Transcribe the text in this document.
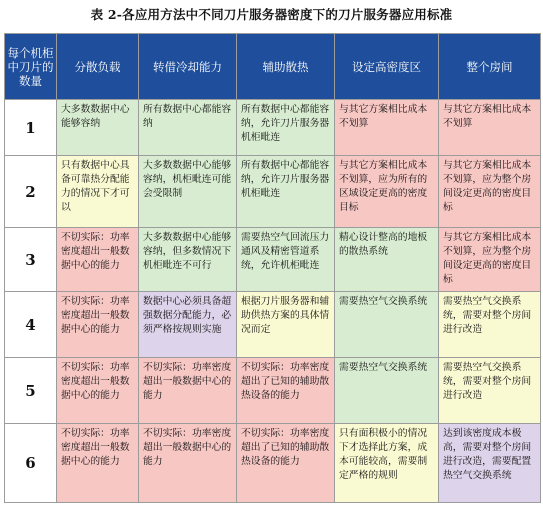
表 2-各应用方法中不同刀片服务器密度下的刀片服务器应用标准
每个机柜中刀片的数量	分散负载	转借冷却能力	辅助散热	设定高密度区	整个房间
1	大多数数据中心能够容纳	所有数据中心都能容纳	所有数据中心都能容纳，允许刀片服务器机柜毗连	与其它方案相比成本不划算	与其它方案相比成本不划算
2	只有数据中心具备可靠热分配能力的情况下才可以	大多数数据中心能够容纳，机柜毗连可能会受限制	所有数据中心都能容纳，允许刀片服务器机柜毗连	与其它方案相比成本不划算，应为所有的区域设定更高的密度目标	与其它方案相比成本不划算，应为整个房间设定更高的密度目标
3	不切实际：功率密度超出一般数据中心的能力	大多数数据中心能够容纳，但多数情况下机柜毗连不可行	需要热空气回流压力通风及精密管道系统，允许机柜毗连	精心设计整高的地板的散热系统	与其它方案相比成本不划算，应为整个房间设定更高的密度目标
4	不切实际：功率密度超出一般数据中心的能力	数据中心必须具备超强数据分配能力，必须严格按规则实施	根据刀片服务器和辅助供热方案的具体情况而定	需要热空气交换系统	需要热空气交换系统，需要对整个房间进行改造
5	不切实际：功率密度超出一般数据中心的能力	不切实际：功率密度超出一般数据中心的能力	不切实际：功率密度超出了已知的辅助散热设备的能力	需要热空气交换系统	需要热空气交换系统，需要对整个房间进行改造
6	不切实际：功率密度超出一般数据中心的能力	不切实际：功率密度超出一般数据中心的能力	不切实际：功率密度超出了已知的辅助散热设备的能力	只有面积极小的情况下才选择此方案，成本可能较高，需要制定严格的规则	达到该密度成本极高，需要对整个房间进行改造，需要配置热空气交换系统
